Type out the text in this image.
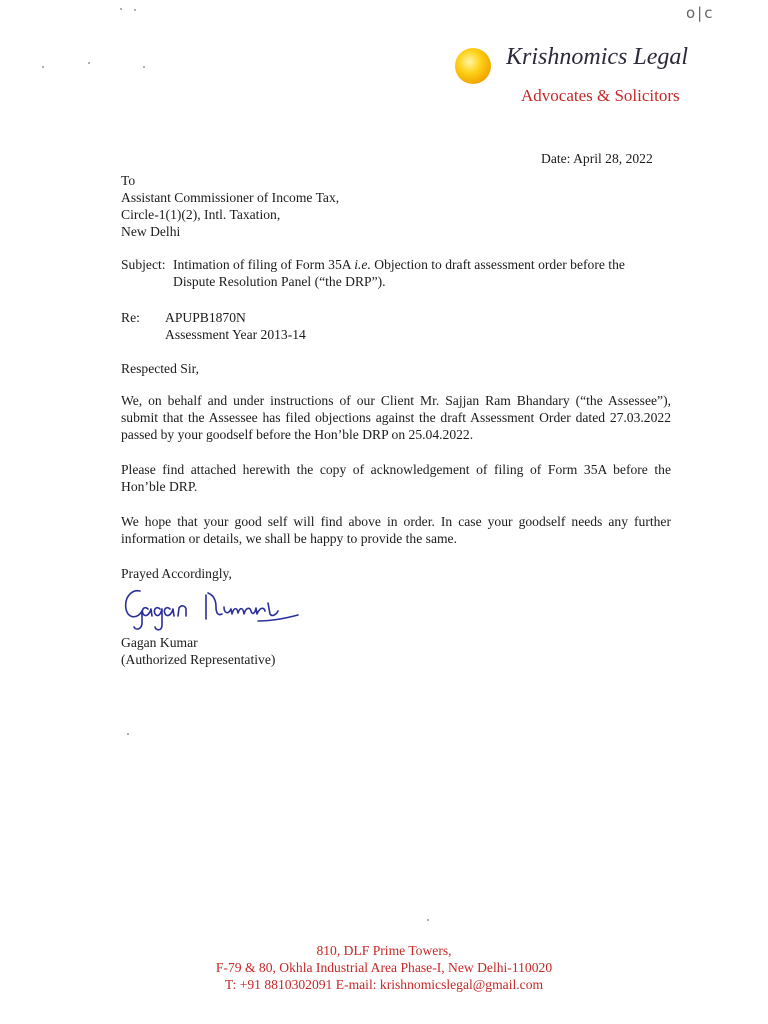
o|c
Krishnomics Legal
Advocates & Solicitors
Date: April 28, 2022
To
Assistant Commissioner of Income Tax,
Circle-1(1)(2), Intl. Taxation,
New Delhi
Subject: Intimation of filing of Form 35A i.e. Objection to draft assessment order before the
Dispute Resolution Panel (“the DRP”).
Re: APUPB1870N
Assessment Year 2013-14
Respected Sir,
We, on behalf and under instructions of our Client Mr. Sajjan Ram Bhandary (“the Assessee”), submit that the Assessee has filed objections against the draft Assessment Order dated 27.03.2022 passed by your goodself before the Hon’ble DRP on 25.04.2022.
Please find attached herewith the copy of acknowledgement of filing of Form 35A before the Hon’ble DRP.
We hope that your good self will find above in order. In case your goodself needs any further information or details, we shall be happy to provide the same.
Prayed Accordingly,
Gagan Kumar
(Authorized Representative)
810, DLF Prime Towers,
F-79 & 80, Okhla Industrial Area Phase-I, New Delhi-110020
T: +91 8810302091 E-mail: krishnomicslegal@gmail.com
